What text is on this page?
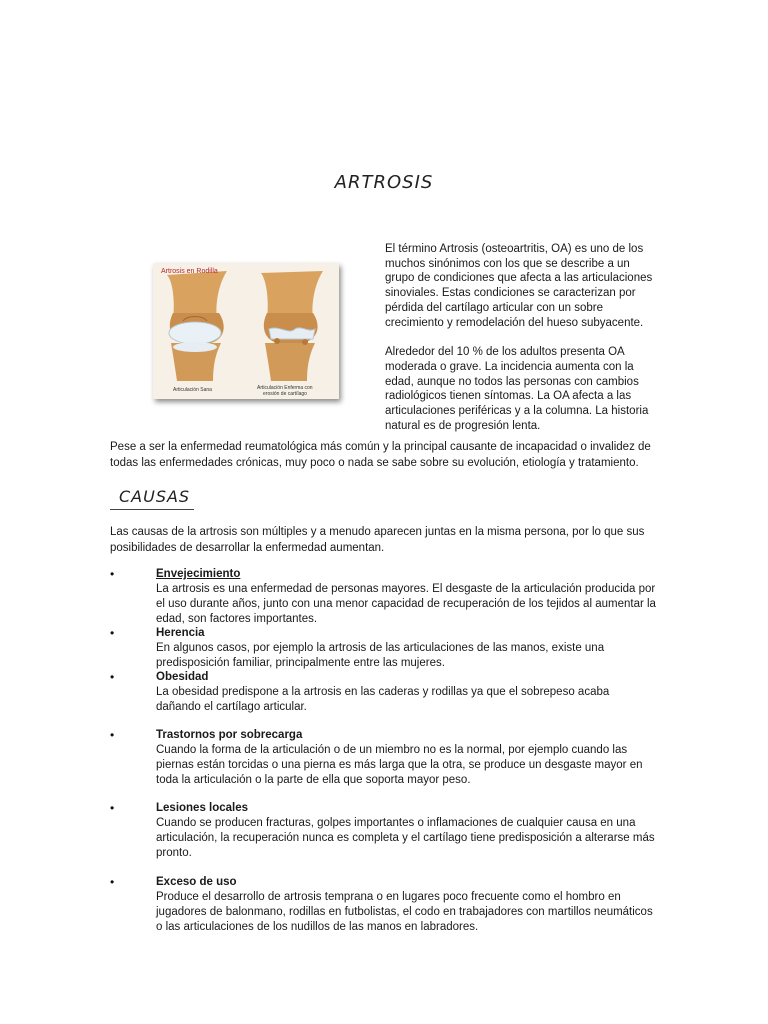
ARTROSIS
Artrosis en Rodilla
Articulación Sana	Articulación Enferma con
erosión de cartílago

El término Artrosis (osteoartritis, OA) es uno de los muchos sinónimos con los que se describe a un grupo de condiciones que afecta a las articulaciones sinoviales. Estas condiciones se caracterizan por pérdida del cartílago articular con un sobre crecimiento y remodelación del hueso subyacente.

Alrededor del 10 % de los adultos presenta OA moderada o grave. La incidencia aumenta con la edad, aunque no todos las personas con cambios radiológicos tienen síntomas. La OA afecta a las articulaciones periféricas y a la columna. La historia natural es de progresión lenta.

Pese a ser la enfermedad reumatológica más común y la principal causante de incapacidad o invalidez de todas las enfermedades crónicas, muy poco o nada se sabe sobre su evolución, etiología y tratamiento.
CAUSAS
Las causas de la artrosis son múltiples y a menudo aparecen juntas en la misma persona, por lo que sus posibilidades de desarrollar la enfermedad aumentan.
•	Envejecimiento
La artrosis es una enfermedad de personas mayores. El desgaste de la articulación producida por el uso durante años, junto con una menor capacidad de recuperación de los tejidos al aumentar la edad, son factores importantes.
•	Herencia
En algunos casos, por ejemplo la artrosis de las articulaciones de las manos, existe una predisposición familiar, principalmente entre las mujeres.
•	Obesidad
La obesidad predispone a la artrosis en las caderas y rodillas ya que el sobrepeso acaba dañando el cartílago articular.
•	Trastornos por sobrecarga
Cuando la forma de la articulación o de un miembro no es la normal, por ejemplo cuando las piernas están torcidas o una pierna es más larga que la otra, se produce un desgaste mayor en toda la articulación o la parte de ella que soporta mayor peso.
•	Lesiones locales
Cuando se producen fracturas, golpes importantes o inflamaciones de cualquier causa en una articulación, la recuperación nunca es completa y el cartílago tiene predisposición a alterarse más pronto.
•	Exceso de uso
Produce el desarrollo de artrosis temprana o en lugares poco frecuente como el hombro en jugadores de balonmano, rodillas en futbolistas, el codo en trabajadores con martillos neumáticos o las articulaciones de los nudillos de las manos en labradores.
